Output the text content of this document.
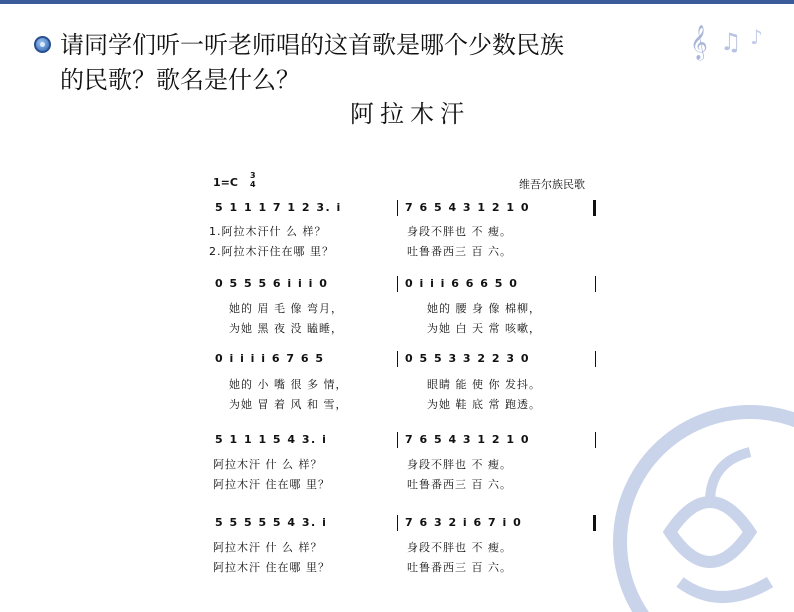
𝄞 ♫ ♪
请同学们听一听老师唱的这首歌是哪个少数民族
的民歌？歌名是什么？
阿拉木汗
1=C
3
4	维吾尔族民歌
5 1 1 1 7 1 2 3. i	7 6 5 4 3 1 2 1 0
1.阿拉木汗什 么 样？	身段不胖也 不 瘦。
2.阿拉木汗住在哪 里？	吐鲁番西三 百 六。
0 5 5 5 6 i i i 0	0 i i i 6 6 6 5 0
她的 眉 毛 像 弯月，	她的 腰 身 像 棉柳，
为她 黑 夜 没 瞌睡，	为她 白 天 常 咳嗽，
0 i i i i 6 7 6 5	0 5 5 3 3 2 2 3 0
她的 小 嘴 很 多 情，	眼睛 能 使 你 发抖。
为她 冒 着 风 和 雪，	为她 鞋 底 常 跑透。
5 1 1 1 5 4 3. i	7 6 5 4 3 1 2 1 0
阿拉木汗 什 么 样？	身段不胖也 不 瘦。
阿拉木汗 住在哪 里？	吐鲁番西三 百 六。
5 5 5 5 5 4 3. i	7 6 3 2 i 6 7 i 0
阿拉木汗 什 么 样？	身段不胖也 不 瘦。
阿拉木汗 住在哪 里？	吐鲁番西三 百 六。
